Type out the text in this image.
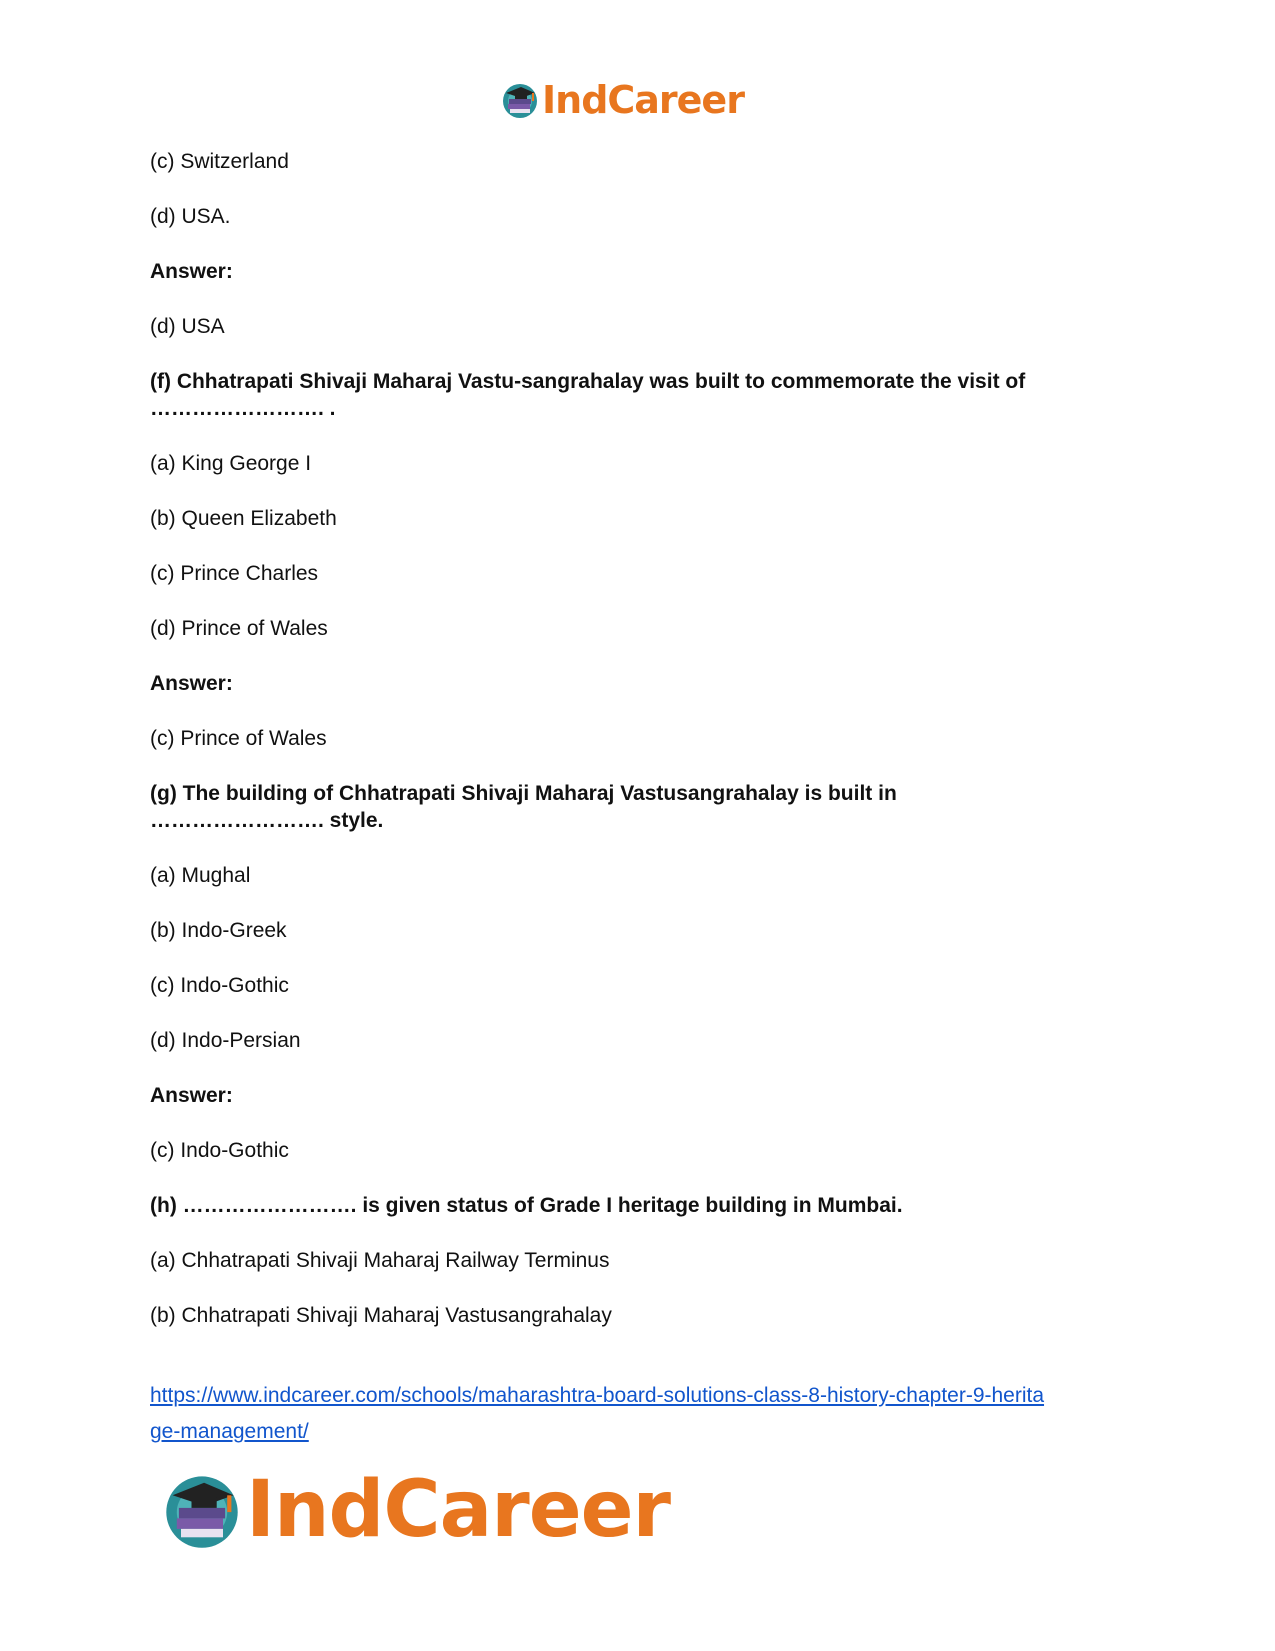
IndCareer

(c) Switzerland

(d) USA.

Answer:

(d) USA

(f) Chhatrapati Shivaji Maharaj Vastu-sangrahalay was built to commemorate the visit of
……………………. .

(a) King George I

(b) Queen Elizabeth

(c) Prince Charles

(d) Prince of Wales

Answer:

(c) Prince of Wales

(g) The building of Chhatrapati Shivaji Maharaj Vastusangrahalay is built in
……………………. style.

(a) Mughal

(b) Indo-Greek

(c) Indo-Gothic

(d) Indo-Persian

Answer:

(c) Indo-Gothic

(h) ……………………. is given status of Grade I heritage building in Mumbai.

(a) Chhatrapati Shivaji Maharaj Railway Terminus

(b) Chhatrapati Shivaji Maharaj Vastusangrahalay

https://www.indcareer.com/schools/maharashtra-board-solutions-class-8-history-chapter-9-herita
ge-management/
IndCareer
